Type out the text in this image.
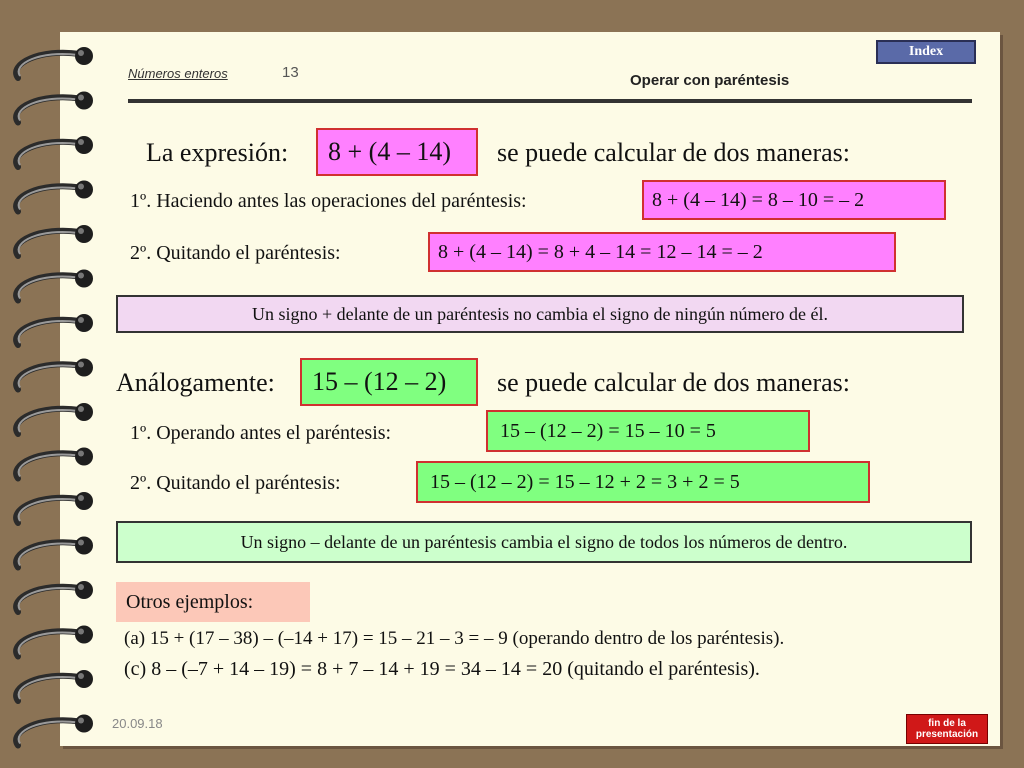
Números enteros	13	Operar con paréntesis
Index
La expresión:	8 + (4 – 14)	se puede calcular de dos maneras:
1º. Haciendo antes las operaciones del paréntesis:	8 + (4 – 14) = 8 – 10 = – 2
2º. Quitando el paréntesis:	8 + (4 – 14) = 8 + 4 – 14 = 12 – 14 = – 2
Un signo + delante de un paréntesis no cambia el signo de ningún número de él.
Análogamente:	15 – (12 – 2)	se puede calcular de dos maneras:
1º. Operando antes el paréntesis:	15 – (12 – 2) = 15 – 10 = 5
2º. Quitando el paréntesis:	15 – (12 – 2) = 15 – 12 + 2 = 3 + 2 = 5
Un signo – delante de un paréntesis cambia el signo de todos los números de dentro.
Otros ejemplos:
(a) 15 + (17 – 38) – (–14 + 17) = 15 – 21 – 3 = – 9 (operando dentro de los paréntesis).
(c) 8 – (–7 + 14 – 19) = 8 + 7 – 14 + 19 = 34 – 14 = 20 (quitando el paréntesis).
20.09.18	fin de la
presentación
